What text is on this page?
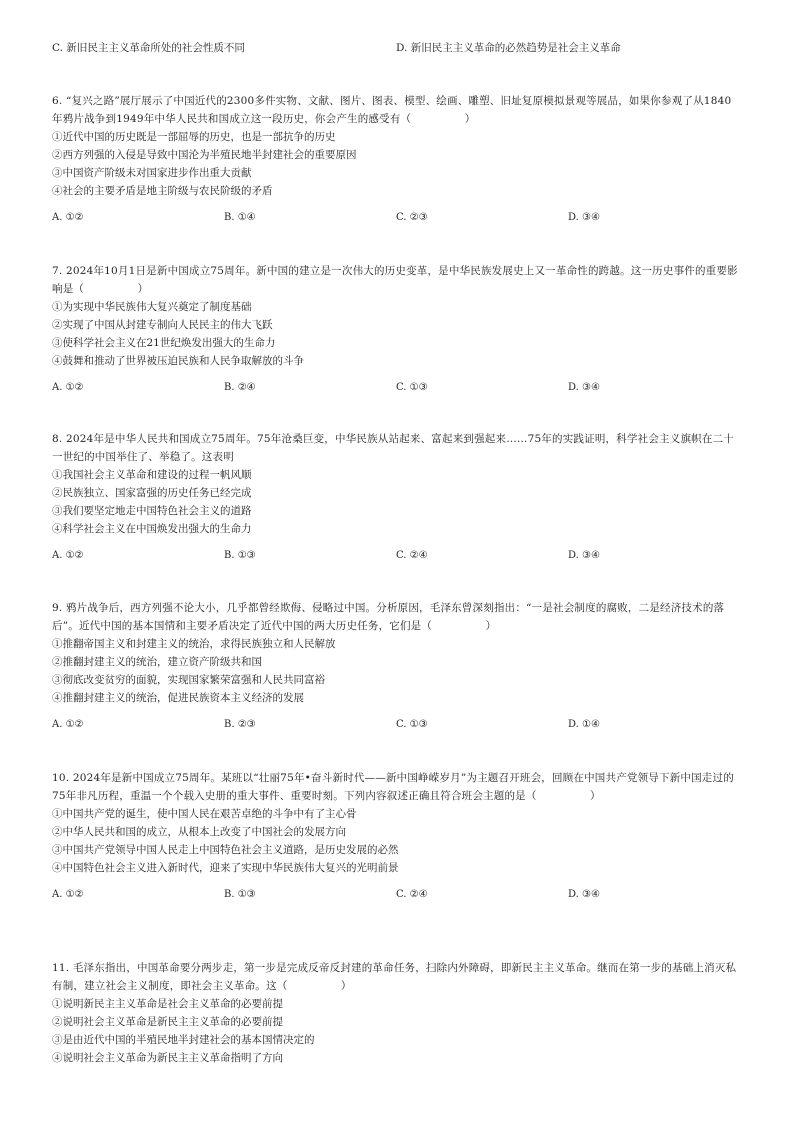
C. 新旧民主主义革命所处的社会性质不同	D. 新旧民主主义革命的必然趋势是社会主义革命

6. “复兴之路”展厅展示了中国近代的2300多件实物、文献、图片、图表、模型、绘画、雕塑、旧址复原模拟景观等展品，如果你参观了从1840年鸦片战争到1949年中华人民共和国成立这一段历史，你会产生的感受有（　　　　　）

①近代中国的历史既是一部屈辱的历史，也是一部抗争的历史
②西方列强的入侵是导致中国沦为半殖民地半封建社会的重要原因
③中国资产阶级未对国家进步作出重大贡献
④社会的主要矛盾是地主阶级与农民阶级的矛盾
A. ①②	B. ①④	C. ②③	D. ③④

7. 2024年10月1日是新中国成立75周年。新中国的建立是一次伟大的历史变革，是中华民族发展史上又一革命性的跨越。这一历史事件的重要影响是（　　　　　）

①为实现中华民族伟大复兴奠定了制度基础
②实现了中国从封建专制向人民民主的伟大飞跃
③使科学社会主义在21世纪焕发出强大的生命力
④鼓舞和推动了世界被压迫民族和人民争取解放的斗争
A. ①②	B. ②④	C. ①③	D. ③④

8. 2024年是中华人民共和国成立75周年。75年沧桑巨变，中华民族从站起来、富起来到强起来……75年的实践证明，科学社会主义旗帜在二十一世纪的中国举住了、举稳了。这表明

①我国社会主义革命和建设的过程一帆风顺
②民族独立、国家富强的历史任务已经完成
③我们要坚定地走中国特色社会主义的道路
④科学社会主义在中国焕发出强大的生命力
A. ①②	B. ①③	C. ②④	D. ③④

9. 鸦片战争后，西方列强不论大小，几乎都曾经欺侮、侵略过中国。分析原因，毛泽东曾深刻指出：“一是社会制度的腐败，二是经济技术的落后”。近代中国的基本国情和主要矛盾决定了近代中国的两大历史任务，它们是（　　　　　）

①推翻帝国主义和封建主义的统治，求得民族独立和人民解放
②推翻封建主义的统治，建立资产阶级共和国
③彻底改变贫穷的面貌，实现国家繁荣富强和人民共同富裕
④推翻封建主义的统治，促进民族资本主义经济的发展
A. ①②	B. ②③	C. ①③	D. ①④

10. 2024年是新中国成立75周年。某班以“壮丽75年•奋斗新时代——新中国峥嵘岁月”为主题召开班会，回顾在中国共产党领导下新中国走过的75年非凡历程，重温一个个载入史册的重大事件、重要时刻。下列内容叙述正确且符合班会主题的是（　　　　　）

①中国共产党的诞生，使中国人民在艰苦卓绝的斗争中有了主心骨
②中华人民共和国的成立，从根本上改变了中国社会的发展方向
③中国共产党领导中国人民走上中国特色社会主义道路，是历史发展的必然
④中国特色社会主义进入新时代，迎来了实现中华民族伟大复兴的光明前景
A. ①②	B. ①③	C. ②④	D. ③④

11. 毛泽东指出，中国革命要分两步走，第一步是完成反帝反封建的革命任务，扫除内外障碍，即新民主主义革命。继而在第一步的基础上消灭私有制，建立社会主义制度，即社会主义革命。这（　　　　　）

①说明新民主主义革命是社会主义革命的必要前提
②说明社会主义革命是新民主主义革命的必要前提
③是由近代中国的半殖民地半封建社会的基本国情决定的
④说明社会主义革命为新民主主义革命指明了方向
